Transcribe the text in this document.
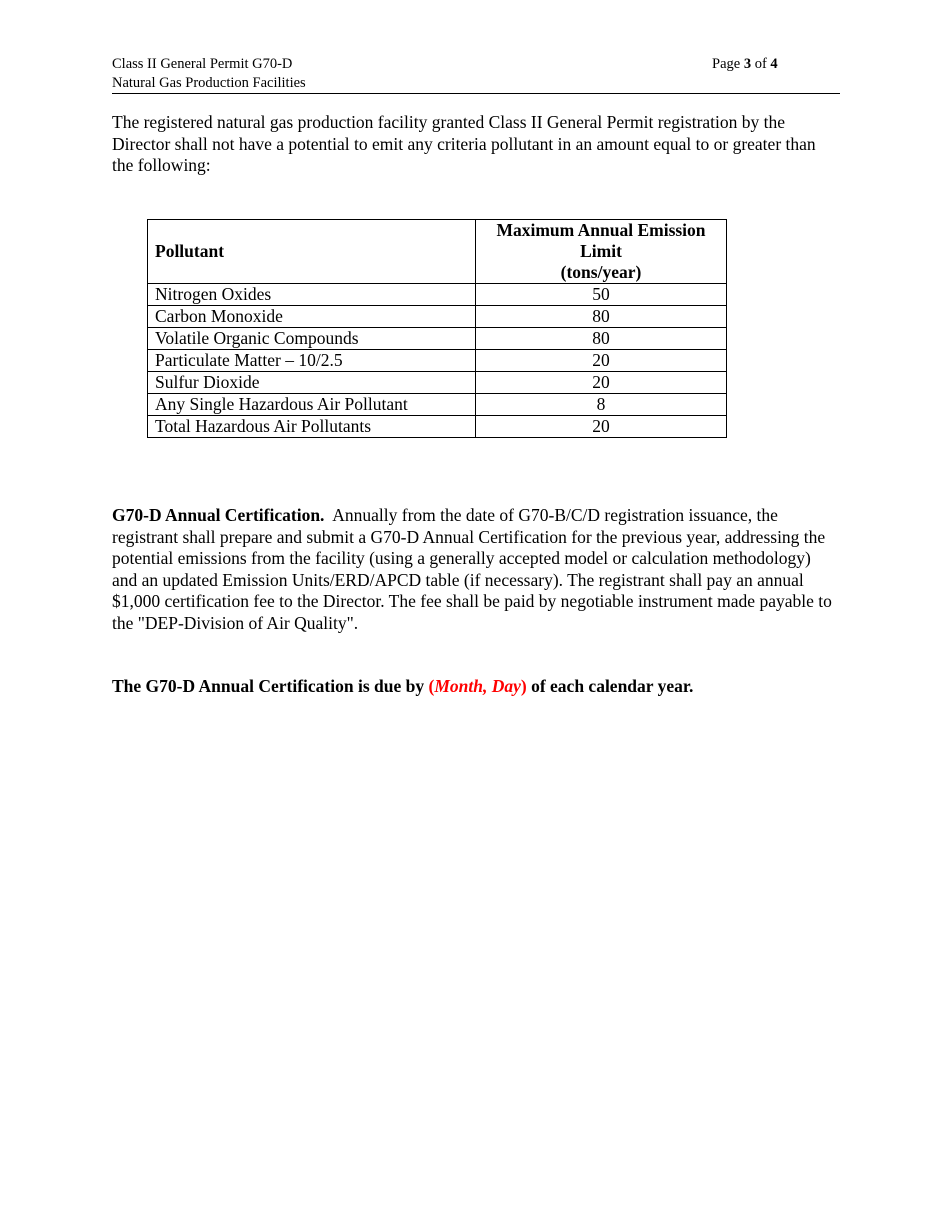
Class II General Permit G70-D
Natural Gas Production Facilities
Page 3 of 4

The registered natural gas production facility granted Class II General Permit registration by the Director shall not have a potential to emit any criteria pollutant in an amount equal to or greater than the following:

Pollutant	Maximum Annual Emission
Limit
(tons/year)
Nitrogen Oxides	50
Carbon Monoxide	80
Volatile Organic Compounds	80
Particulate Matter – 10/2.5	20
Sulfur Dioxide	20
Any Single Hazardous Air Pollutant	8
Total Hazardous Air Pollutants	20

G70-D Annual Certification. Annually from the date of G70-B/C/D registration issuance, the registrant shall prepare and submit a G70-D Annual Certification for the previous year, addressing the potential emissions from the facility (using a generally accepted model or calculation methodology) and an updated Emission Units/ERD/APCD table (if necessary). The registrant shall pay an annual $1,000 certification fee to the Director. The fee shall be paid by negotiable instrument made payable to the "DEP-Division of Air Quality".

The G70-D Annual Certification is due by (Month, Day) of each calendar year.
